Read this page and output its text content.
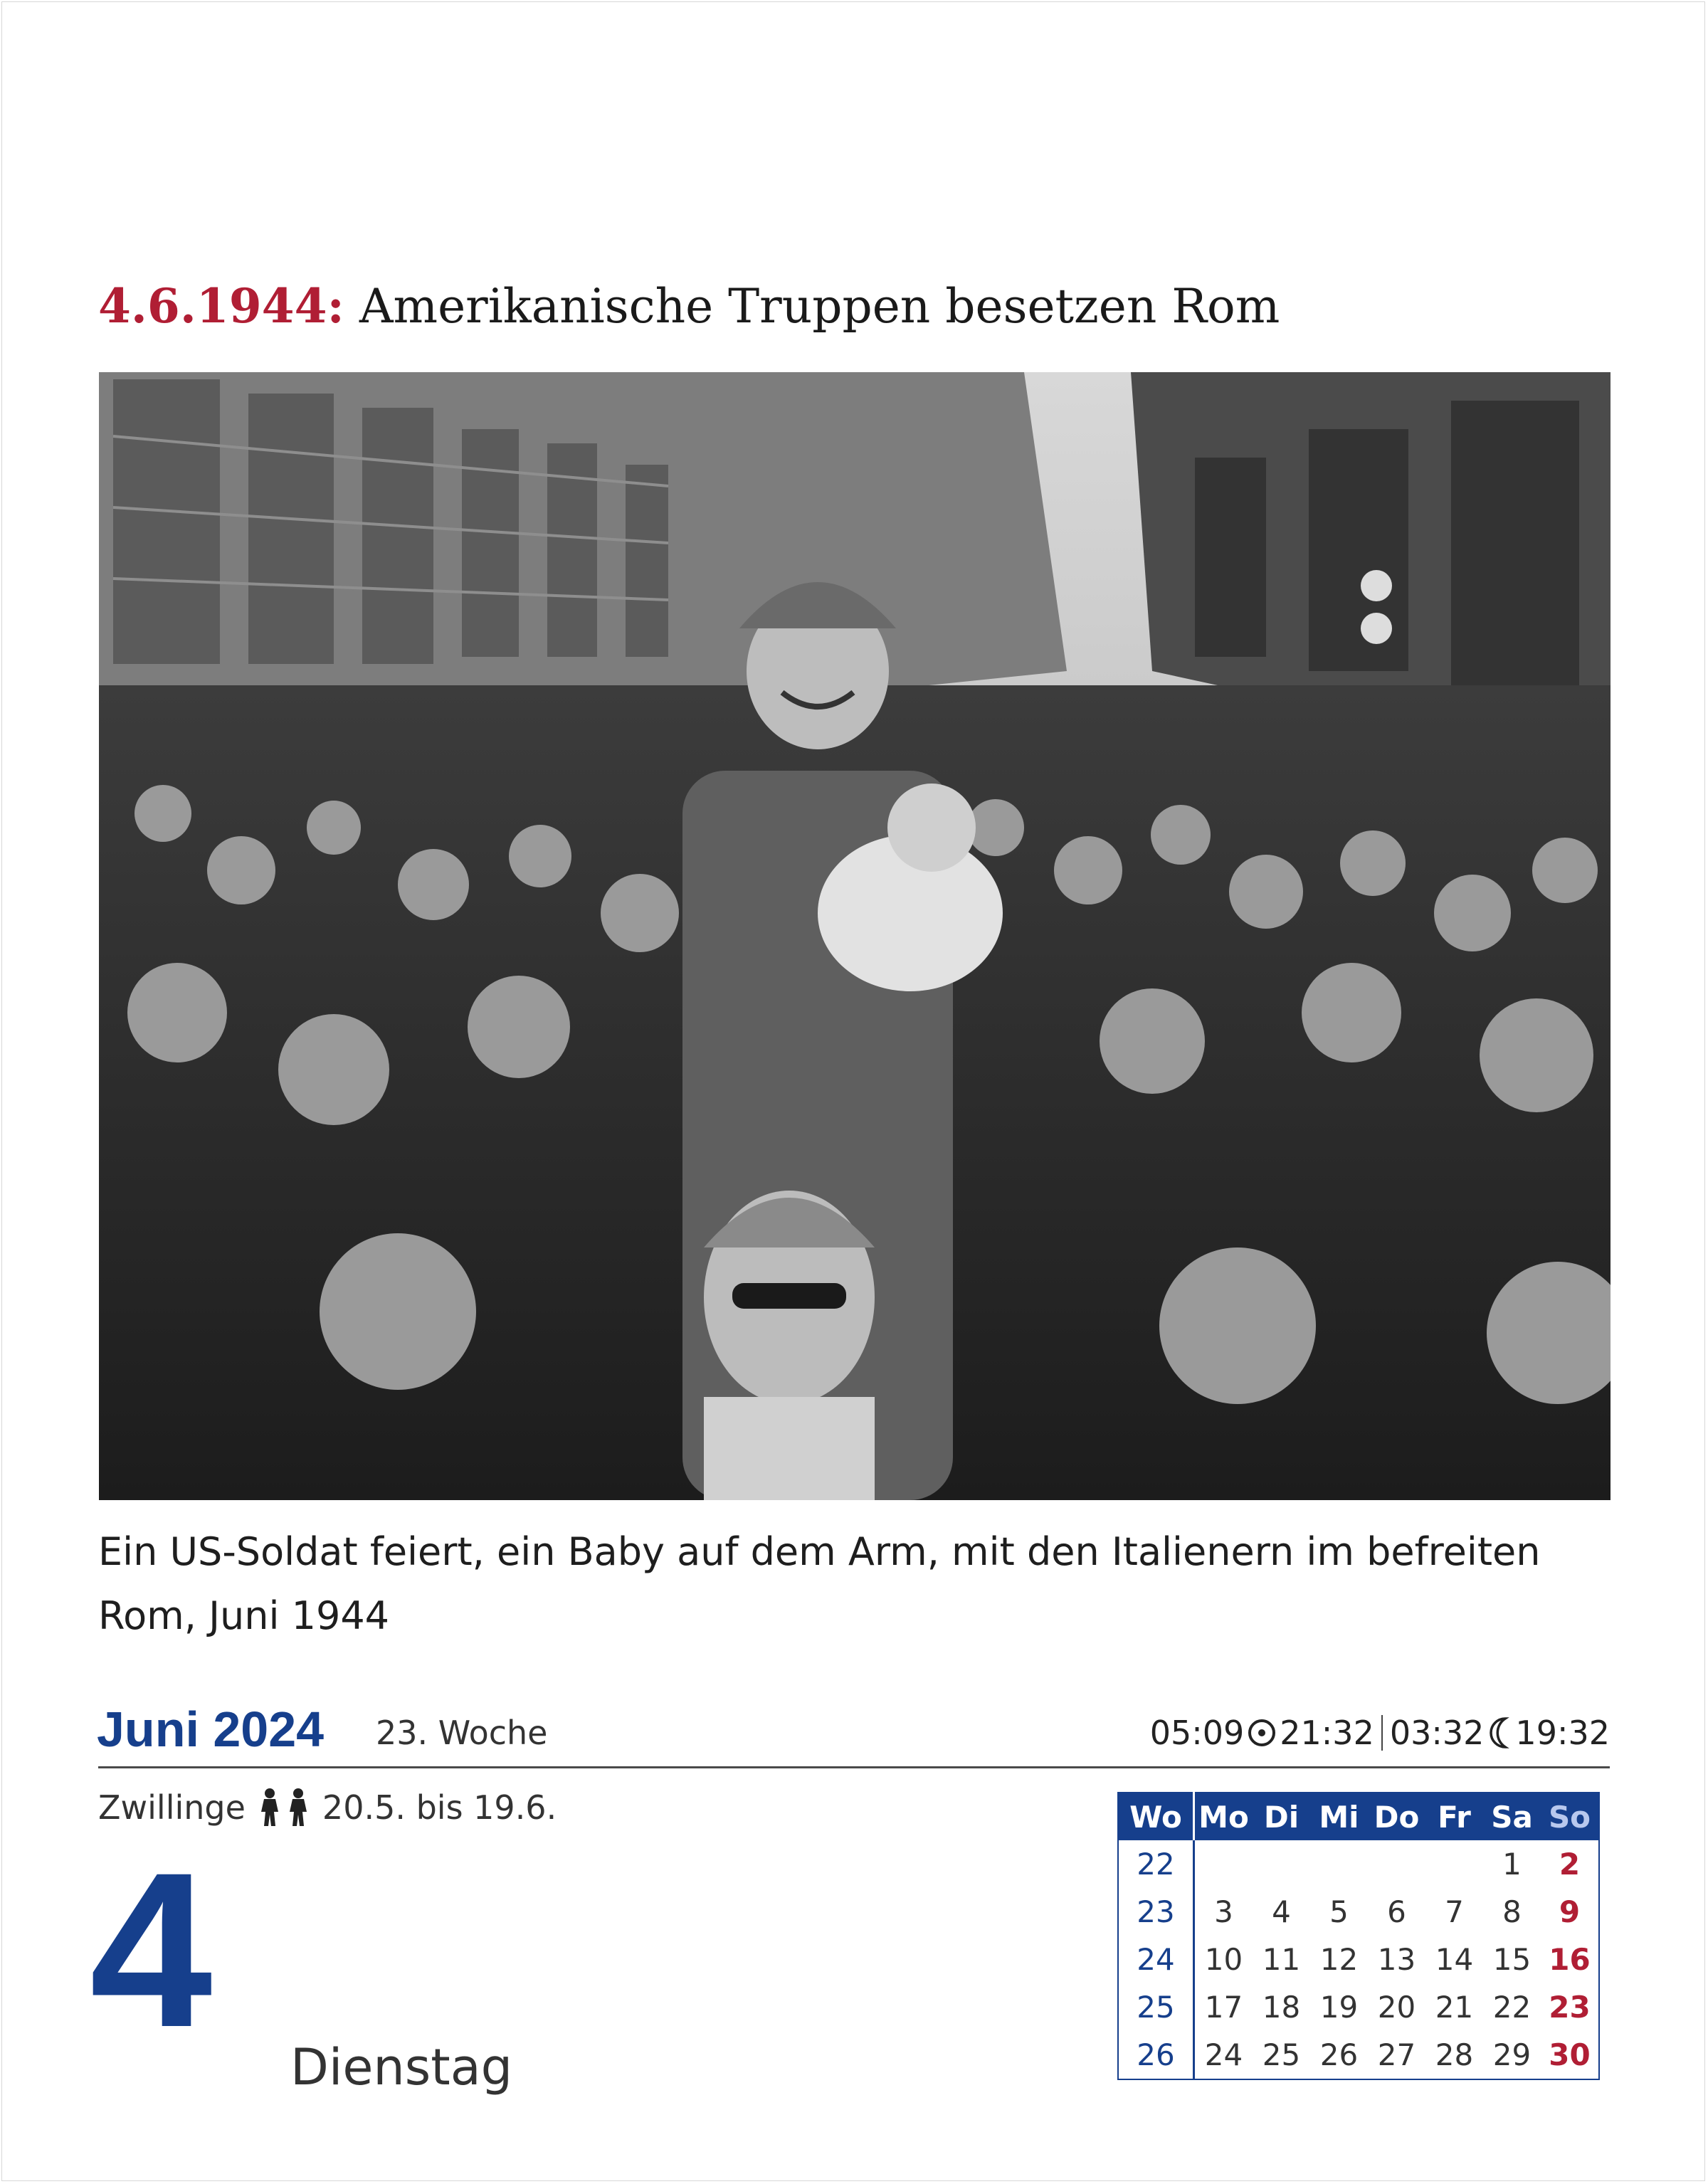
4.6.1944: Amerikanische Truppen besetzen Rom
Ein US-Soldat feiert, ein Baby auf dem Arm, mit den Italienern im befreiten Rom, Juni 1944
Juni 2024 23. Woche	05:09 21:32 03:32 19:32
Zwillinge 20.5. bis 19.6.
4 Dienstag
Wo	Mo	Di	Mi	Do	Fr	Sa	So
22						1	2
23	3	4	5	6	7	8	9
24	10	11	12	13	14	15	16
25	17	18	19	20	21	22	23
26	24	25	26	27	28	29	30
